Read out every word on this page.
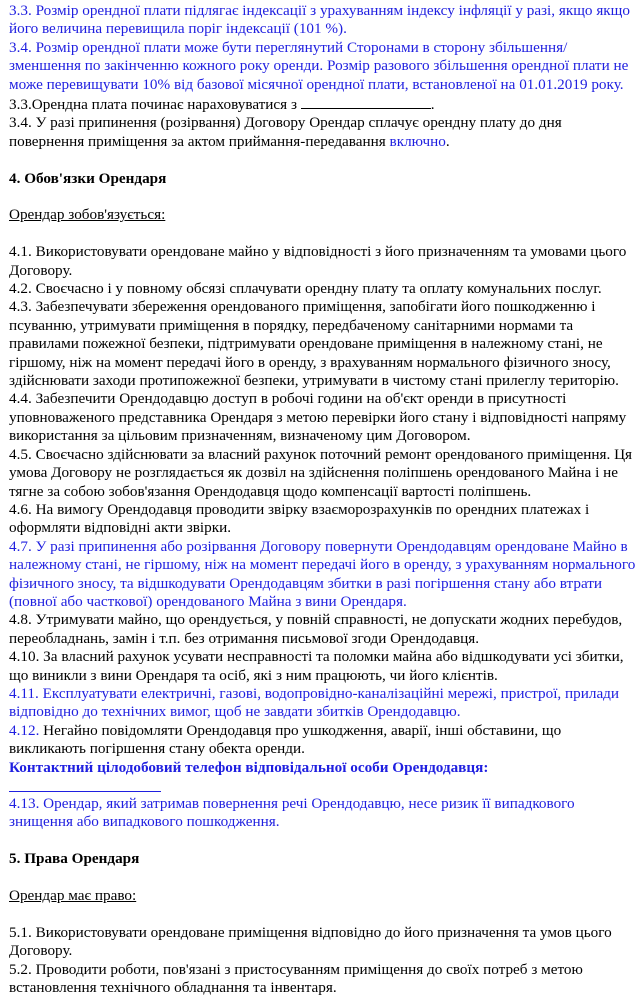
3.3. Розмір орендної плати підлягає індексації з урахуванням індексу інфляції у разі, якщо якщо його величина перевищила поріг індексації (101 %).

3.4. Розмір орендної плати може бути переглянутий Сторонами в сторону збільшення/зменшення по закінченню кожного року оренди. Розмір разового збільшення орендної плати не може перевищувати 10% від базової місячної орендної плати, встановленої на 01.01.2019 року.

3.3.Орендна плата починає нараховуватися з	.

3.4. У разі припинення (розірвання) Договору Орендар сплачує орендну плату до дня повернення приміщення за актом приймання-передавання включно.

4. Обов'язки Орендаря

Орендар зобов'язується:

4.1. Використовувати орендоване майно у відповідності з його призначенням та умовами цього Договору.

4.2. Своєчасно і у повному обсязі сплачувати орендну плату та оплату комунальних послуг.

4.3. Забезпечувати збереження орендованого приміщення, запобігати його пошкодженню і псуванню, утримувати приміщення в порядку, передбаченому санітарними нормами та правилами пожежної безпеки, підтримувати орендоване приміщення в належному стані, не гіршому, ніж на момент передачі його в оренду, з врахуванням нормального фізичного зносу, здійснювати заходи протипожежної безпеки, утримувати в чистому стані прилеглу територію.

4.4. Забезпечити Орендодавцю доступ в робочі години на об'єкт оренди в присутності уповноваженого представника Орендаря з метою перевірки його стану і відповідності напряму використання за цільовим призначенням, визначеному цим Договором.

4.5. Своєчасно здійснювати за власний рахунок поточний ремонт орендованого приміщення. Ця умова Договору не розглядається як дозвіл на здійснення поліпшень орендованого Майна і не тягне за собою зобов'язання Орендодавця щодо компенсації вартості поліпшень.

4.6. На вимогу Орендодавця проводити звірку взаєморозрахунків по орендних платежах і оформляти відповідні акти звірки.

4.7. У разі припинення або розірвання Договору повернути Орендодавцям орендоване Майно в належному стані, не гіршому, ніж на момент передачі його в оренду, з урахуванням нормального фізичного зносу, та відшкодувати Орендодавцям збитки в разі погіршення стану або втрати (повної або часткової) орендованого Майна з вини Орендаря.

4.8. Утримувати майно, що орендується, у повній справності, не допускати жодних перебудов, переобладнань, замін і т.п. без отримання письмової згоди Орендодавця.

4.10. За власний рахунок усувати несправності та поломки майна або відшкодувати усі збитки, що виникли з вини Орендаря та осіб, які з ним працюють, чи його клієнтів.

4.11. Експлуатувати електричні, газові, водопровідно-каналізаційні мережі, пристрої, прилади відповідно до технічних вимог, щоб не завдати збитків Орендодавцю.

4.12. Негайно повідомляти Орендодавця про ушкодження, аварії, інші обставини, що викликають погіршення стану обекта оренди.

Контактний цілодобовий телефон відповідальної особи Орендодавця:

4.13. Орендар, який затримав повернення речі Орендодавцю, несе ризик її випадкового знищення або випадкового пошкодження.

5. Права Орендаря

Орендар має право:

5.1. Використовувати орендоване приміщення відповідно до його призначення та умов цього Договору.

5.2. Проводити роботи, пов'язані з пристосуванням приміщення до своїх потреб з метою встановлення технічного обладнання та інвентаря.
